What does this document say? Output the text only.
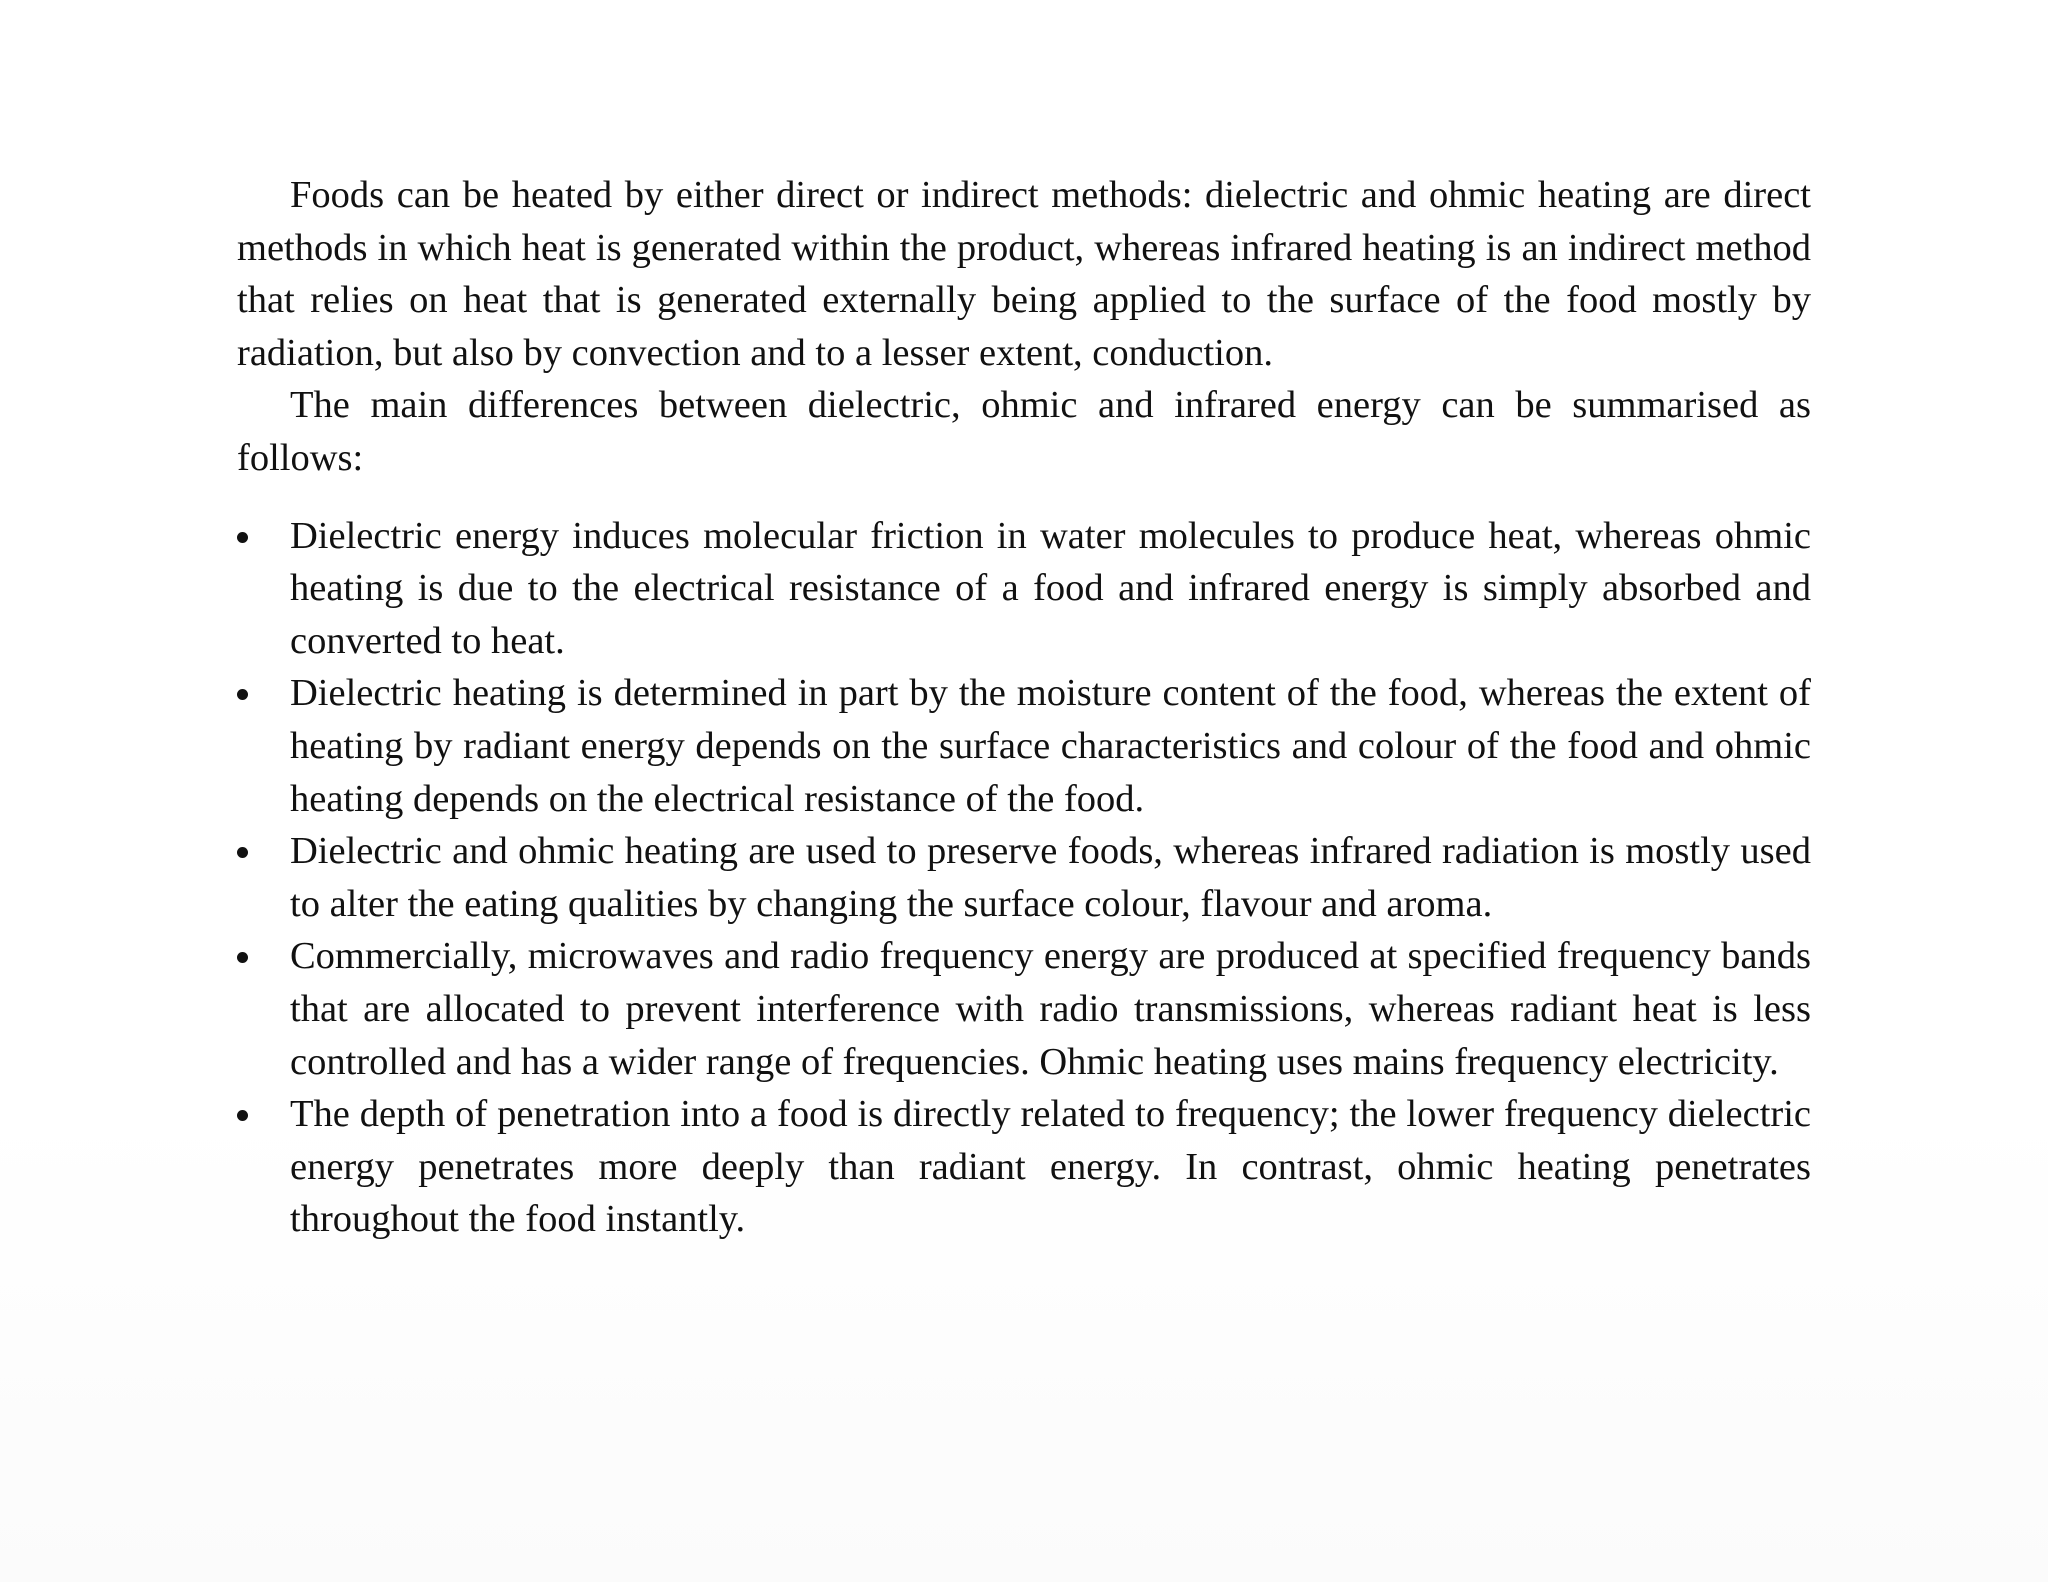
Foods can be heated by either direct or indirect methods: dielectric and ohmic heating are direct methods in which heat is generated within the product, whereas infrared heating is an indirect method that relies on heat that is generated externally being applied to the surface of the food mostly by radiation, but also by convection and to a lesser extent, conduction.

The main differences between dielectric, ohmic and infrared energy can be summarised as follows:

Dielectric energy induces molecular friction in water molecules to produce heat, whereas ohmic heating is due to the electrical resistance of a food and infrared energy is simply absorbed and converted to heat.
Dielectric heating is determined in part by the moisture content of the food, whereas the extent of heating by radiant energy depends on the surface characteristics and colour of the food and ohmic heating depends on the electrical resistance of the food.
Dielectric and ohmic heating are used to preserve foods, whereas infrared radiation is mostly used to alter the eating qualities by changing the surface colour, flavour and aroma.
Commercially, microwaves and radio frequency energy are produced at specified frequency bands that are allocated to prevent interference with radio transmissions, whereas radiant heat is less controlled and has a wider range of frequencies. Ohmic heating uses mains frequency electricity.
The depth of penetration into a food is directly related to frequency; the lower frequency dielectric energy penetrates more deeply than radiant energy. In contrast, ohmic heating penetrates throughout the food instantly.
